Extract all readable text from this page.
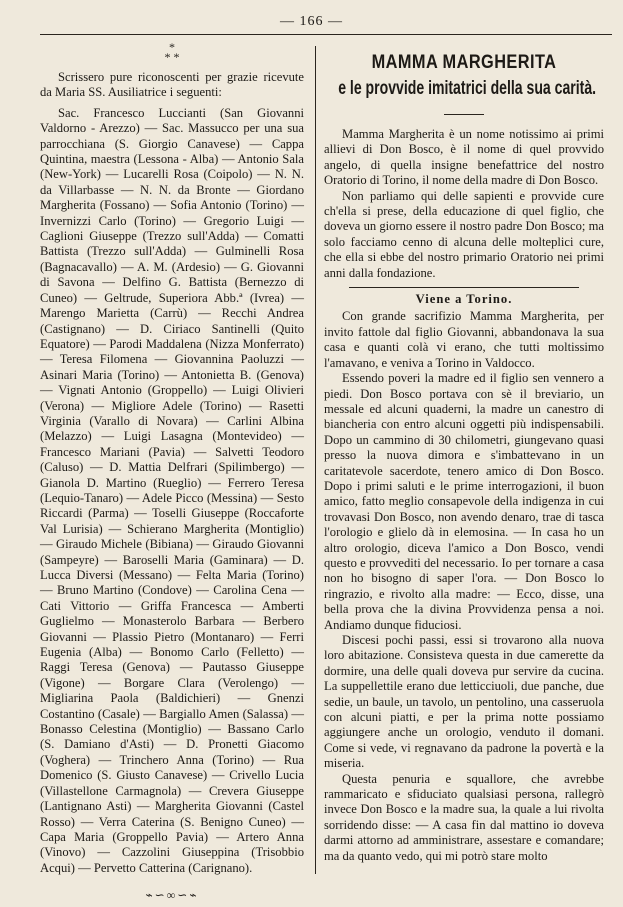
— 166 —
*
* *

Scrissero pure riconoscenti per grazie ricevute da Maria SS. Ausiliatrice i seguenti:

Sac. Francesco Luccianti (San Giovanni Valdorno - Arezzo) — Sac. Massucco per una sua parrocchiana (S. Giorgio Canavese) — Cappa Quintina, maestra (Lessona - Alba) — Antonio Sala (New-York) — Lucarelli Rosa (Coipolo) — N. N. da Villarbasse — N. N. da Bronte — Giordano Margherita (Fossano) — Sofia Antonio (Torino) — Invernizzi Carlo (Torino) — Gregorio Luigi — Caglioni Giuseppe (Trezzo sull'Adda) — Comatti Battista (Trezzo sull'Adda) — Gulminelli Rosa (Bagnacavallo) — A. M. (Ardesio) — G. Giovanni di Savona — Delfino G. Battista (Bernezzo di Cuneo) — Geltrude, Superiora Abb.ª (Ivrea) — Marengo Marietta (Carrù) — Recchi Andrea (Castignano) — D. Ciriaco Santinelli (Quito Equatore) — Parodi Maddalena (Nizza Monferrato) — Teresa Filomena — Giovannina Paoluzzi — Asinari Maria (Torino) — Antonietta B. (Genova) — Vignati Antonio (Groppello) — Luigi Olivieri (Verona) — Migliore Adele (Torino) — Rasetti Virginia (Varallo di Novara) — Carlini Albina (Melazzo) — Luigi Lasagna (Montevideo) — Francesco Mariani (Pavia) — Salvetti Teodoro (Caluso) — D. Mattia Delfrari (Spilimbergo) — Gianola D. Martino (Rueglio) — Ferrero Teresa (Lequio-Tanaro) — Adele Picco (Messina) — Sesto Riccardi (Parma) — Toselli Giuseppe (Roccaforte Val Lurisia) — Schierano Margherita (Montiglio) — Giraudo Michele (Bibiana) — Giraudo Giovanni (Sampeyre) — Baroselli Maria (Gaminara) — D. Lucca Diversi (Messano) — Felta Maria (Torino) — Bruno Martino (Condove) — Carolina Cena — Cati Vittorio — Griffa Francesca — Amberti Guglielmo — Monasterolo Barbara — Berbero Giovanni — Plassio Pietro (Montanaro) — Ferri Eugenia (Alba) — Bonomo Carlo (Felletto) — Raggi Teresa (Genova) — Pautasso Giuseppe (Vigone) — Borgare Clara (Verolengo) — Migliarina Paola (Baldichieri) — Gnenzi Costantino (Casale) — Bargiallo Amen (Salassa) — Bonasso Celestina (Montiglio) — Bassano Carlo (S. Damiano d'Asti) — D. Pronetti Giacomo (Voghera) — Trinchero Anna (Torino) — Rua Domenico (S. Giusto Canavese) — Crivello Lucia (Villastellone Carmagnola) — Crevera Giuseppe (Lantignano Asti) — Margherita Giovanni (Castel Rosso) — Verra Caterina (S. Benigno Cuneo) — Capa Maria (Groppello Pavia) — Artero Anna (Vinovo) — Cazzolini Giuseppina (Trisobbio Acqui) — Pervetto Catterina (Carignano).

⌁∽∞∽⌁
MAMMA MARGHERITA
e le provvide imitatrici della sua carità.

Mamma Margherita è un nome notissimo ai primi allievi di Don Bosco, è il nome di quel provvido angelo, di quella insigne benefattrice del nostro Oratorio di Torino, il nome della madre di Don Bosco.

Non parliamo qui delle sapienti e provvide cure ch'ella si prese, della educazione di quel figlio, che doveva un giorno essere il nostro padre Don Bosco; ma solo facciamo cenno di alcuna delle molteplici cure, che ella si ebbe del nostro primario Oratorio nei primi anni dalla fondazione.

Viene a Torino.

Con grande sacrifizio Mamma Margherita, per invito fattole dal figlio Giovanni, abbandonava la sua casa e quanti colà vi erano, che tutti moltissimo l'amavano, e veniva a Torino in Valdocco.

Essendo poveri la madre ed il figlio sen vennero a piedi. Don Bosco portava con sè il breviario, un messale ed alcuni quaderni, la madre un canestro di biancheria con entro alcuni oggetti più indispensabili. Dopo un cammino di 30 chilometri, giungevano quasi presso la nuova dimora e s'imbattevano in un caritatevole sacerdote, tenero amico di Don Bosco. Dopo i primi saluti e le prime interrogazioni, il buon amico, fatto meglio consapevole della indigenza in cui trovavasi Don Bosco, non avendo denaro, trae di tasca l'orologio e glielo dà in elemosina. — In casa ho un altro orologio, diceva l'amico a Don Bosco, vendi questo e provvediti del necessario. Io per tornare a casa non ho bisogno di saper l'ora. — Don Bosco lo ringrazio, e rivolto alla madre: — Ecco, disse, una bella prova che la divina Provvidenza pensa a noi. Andiamo dunque fiduciosi.

Discesi pochi passi, essi si trovarono alla nuova loro abitazione. Consisteva questa in due camerette da dormire, una delle quali doveva pur servire da cucina. La suppellettile erano due letticciuoli, due panche, due sedie, un baule, un tavolo, un pentolino, una casseruola con alcuni piatti, e per la prima notte possiamo aggiungere anche un orologio, venduto il domani. Come si vede, vi regnavano da padrone la povertà e la miseria.

Questa penuria e squallore, che avrebbe rammaricato e sfiduciato qualsiasi persona, rallegrò invece Don Bosco e la madre sua, la quale a lui rivolta sorridendo disse: — A casa fin dal mattino io doveva darmi attorno ad amministrare, assestare e comandare; ma da quanto vedo, qui mi potrò stare molto
